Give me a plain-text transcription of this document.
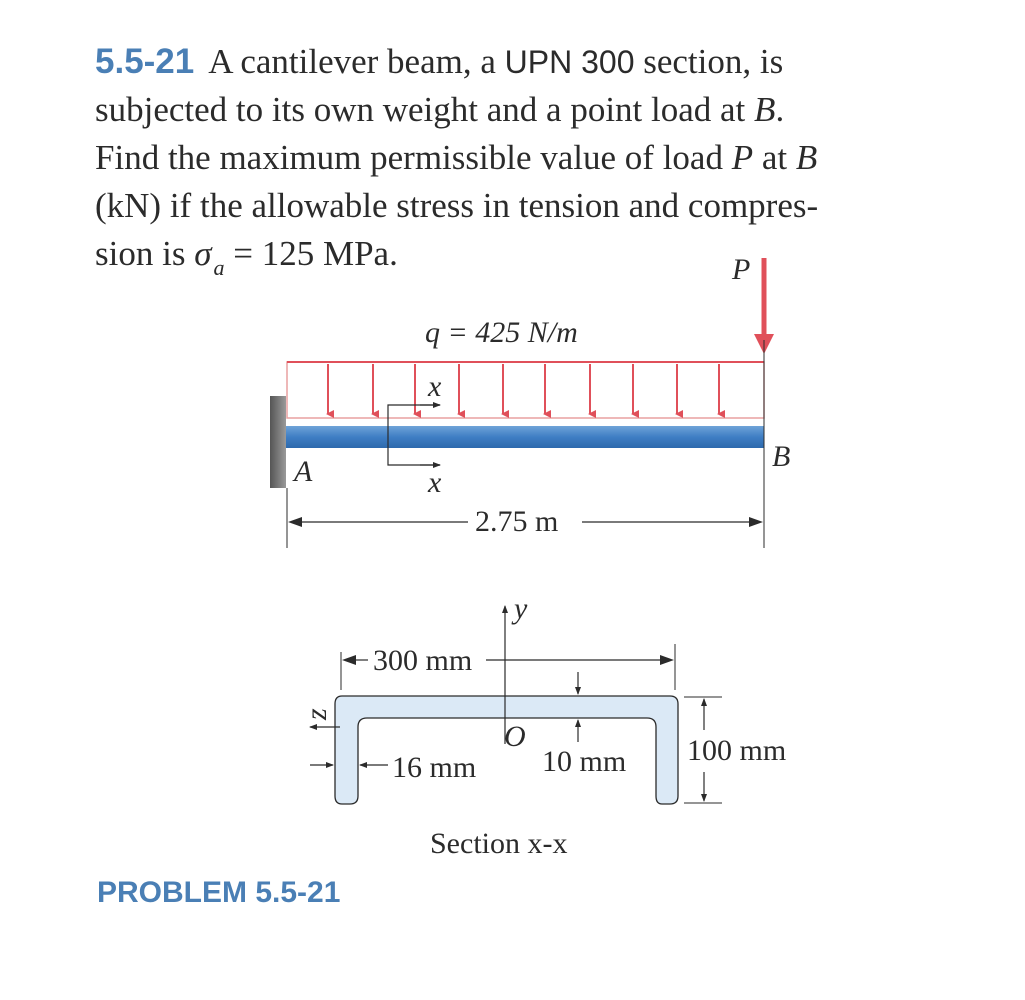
5.5-21 A cantilever beam, a UPN 300 section, is
subjected to its own weight and a point load at B.
Find the maximum permissible value of load P at B
(kN) if the allowable stress in tension and compres-
sion is $\sigma_a = 125$ MPa.	P
q = 425 N/m
x
x
A	B
2.75 m
y
O
z
300 mm
10 mm
16 mm
100 mm
Section x-x
PROBLEM 5.5-21
